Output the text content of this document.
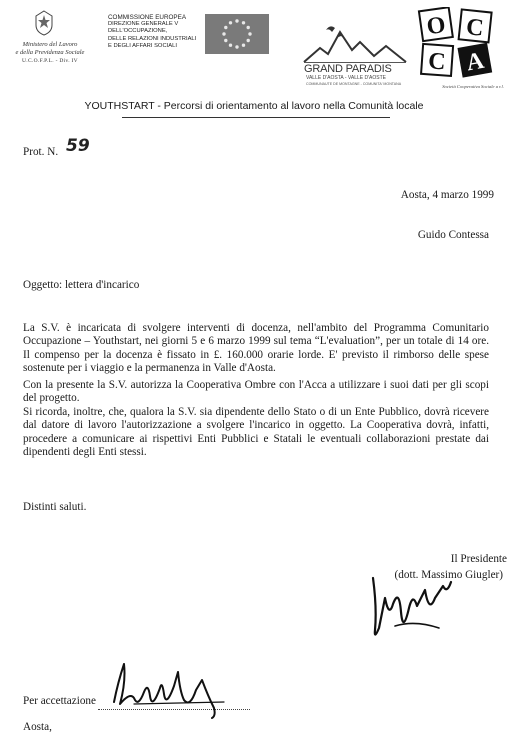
Ministero del Lavoro
e della Previdenza Sociale
U.C.O.F.P.L. - Div. IV
COMMISSIONE EUROPEA
DIREZIONE GENERALE V
DELL'OCCUPAZIONE,
DELLE RELAZIONI INDUSTRIALI
E DEGLI AFFARI SOCIALI
GRAND PARADIS
VALLE D'AOSTA - VALLE D'AOSTE
COMMUNAUTE DE MONTAGNE - COMUNITA' MONTANA
O C
C A
Società Cooperativa Sociale a r.l.
YOUTHSTART - Percorsi di orientamento al lavoro nella Comunità locale
Prot. N. 59
Aosta, 4 marzo 1999
Guido Contessa
Oggetto: lettera d'incarico

La S.V. è incaricata di svolgere interventi di docenza, nell'ambito del Programma Comunitario Occupazione – Youthstart, nei giorni 5 e 6 marzo 1999 sul tema “L'evaluation”, per un totale di 14 ore. Il compenso per la docenza è fissato in £. 160.000 orarie lorde. E' previsto il rimborso delle spese sostenute per i viaggio e la permanenza in Valle d'Aosta.

Con la presente la S.V. autorizza la Cooperativa Ombre con l'Acca a utilizzare i suoi dati per gli scopi del progetto.

Si ricorda, inoltre, che, qualora la S.V. sia dipendente dello Stato o di un Ente Pubblico, dovrà ricevere dal datore di lavoro l'autorizzazione a svolgere l'incarico in oggetto. La Cooperativa dovrà, infatti, procedere a comunicare ai rispettivi Enti Pubblici e Statali le eventuali collaborazioni prestate dai dipendenti degli Enti stessi.

Distinti saluti.
Il Presidente
(dott. Massimo Giugler)
Per accettazione
Aosta,
